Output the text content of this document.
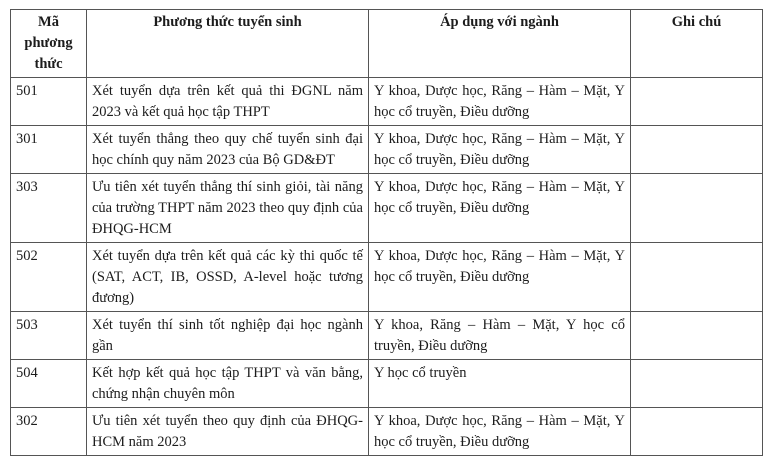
Mã phương thức	Phương thức tuyển sinh	Áp dụng với ngành	Ghi chú
501	Xét tuyển dựa trên kết quả thi ĐGNL năm 2023 và kết quả học tập THPT	Y khoa, Dược học, Răng – Hàm – Mặt, Y học cổ truyền, Điều dưỡng	
301	Xét tuyển thẳng theo quy chế tuyển sinh đại học chính quy năm 2023 của Bộ GD&ĐT	Y khoa, Dược học, Răng – Hàm – Mặt, Y học cổ truyền, Điều dưỡng	
303	Ưu tiên xét tuyển thẳng thí sinh giỏi, tài năng của trường THPT năm 2023 theo quy định của ĐHQG-HCM	Y khoa, Dược học, Răng – Hàm – Mặt, Y học cổ truyền, Điều dưỡng	
502	Xét tuyển dựa trên kết quả các kỳ thi quốc tế (SAT, ACT, IB, OSSD, A-level hoặc tương đương)	Y khoa, Dược học, Răng – Hàm – Mặt, Y học cổ truyền, Điều dưỡng	
503	Xét tuyển thí sinh tốt nghiệp đại học ngành gần	Y khoa, Răng – Hàm – Mặt, Y học cổ truyền, Điều dưỡng	
504	Kết hợp kết quả học tập THPT và văn bằng, chứng nhận chuyên môn	Y học cổ truyền	
302	Ưu tiên xét tuyển theo quy định của ĐHQG-HCM năm 2023	Y khoa, Dược học, Răng – Hàm – Mặt, Y học cổ truyền, Điều dưỡng	
